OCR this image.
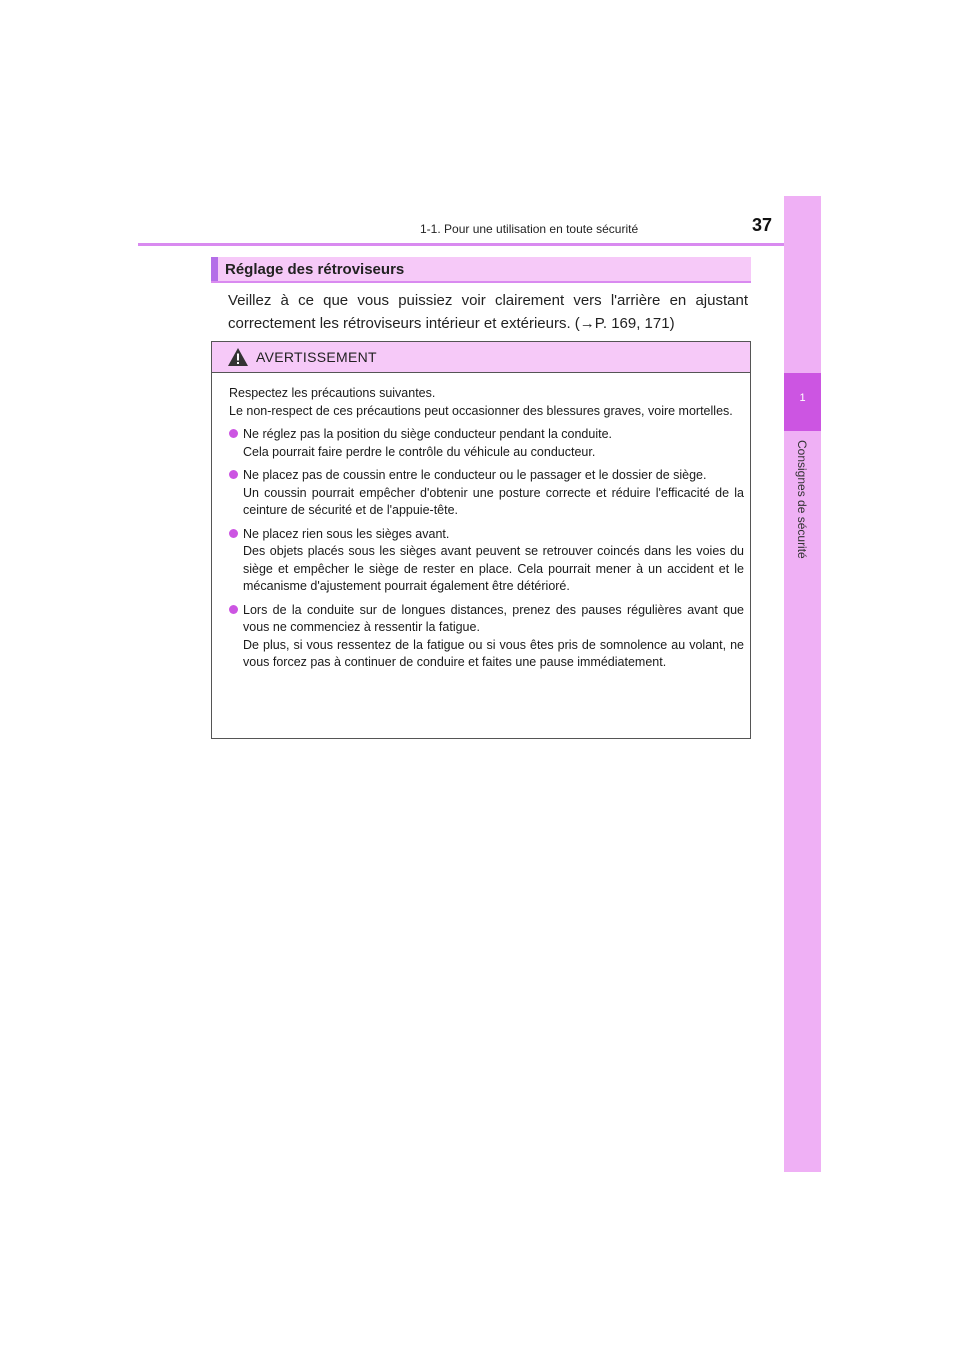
1-1. Pour une utilisation en toute sécurité	37
1
Consignes de sécurité
Réglage des rétroviseurs
Veillez à ce que vous puissiez voir clairement vers l'arrière en ajustant correctement les rétroviseurs intérieur et extérieurs. (→P. 169, 171)
AVERTISSEMENT

Respectez les précautions suivantes.

Le non-respect de ces précautions peut occasionner des blessures graves, voire mortelles.

Ne réglez pas la position du siège conducteur pendant la conduite.
Cela pourrait faire perdre le contrôle du véhicule au conducteur.
Ne placez pas de coussin entre le conducteur ou le passager et le dossier de siège.
Un coussin pourrait empêcher d'obtenir une posture correcte et réduire l'efficacité de la ceinture de sécurité et de l'appuie-tête.
Ne placez rien sous les sièges avant.
Des objets placés sous les sièges avant peuvent se retrouver coincés dans les voies du siège et empêcher le siège de rester en place. Cela pourrait mener à un accident et le mécanisme d'ajustement pourrait également être détérioré.
Lors de la conduite sur de longues distances, prenez des pauses régulières avant que vous ne commenciez à ressentir la fatigue.
De plus, si vous ressentez de la fatigue ou si vous êtes pris de somnolence au volant, ne vous forcez pas à continuer de conduire et faites une pause immédiatement.
